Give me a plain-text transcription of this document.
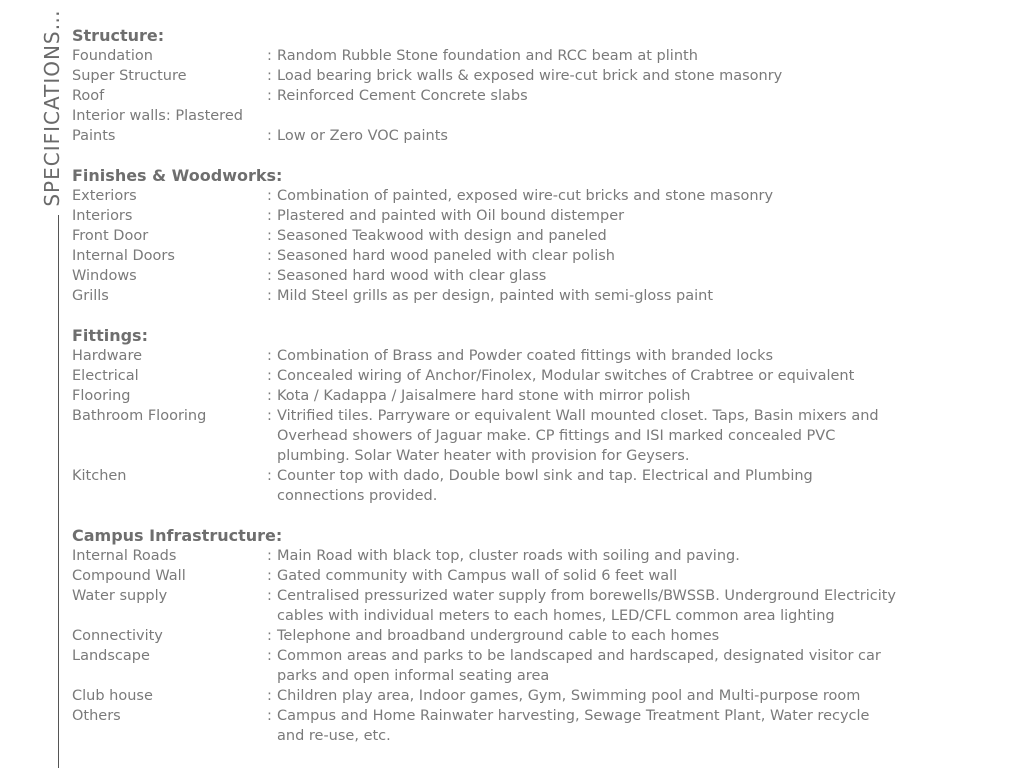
SPECIFICATIONS… Structure:
Foundation	: Random Rubble Stone foundation and RCC beam at plinth
Super Structure	: Load bearing brick walls & exposed wire-cut brick and stone masonry
Roof	: Reinforced Cement Concrete slabs
Interior walls: Plastered
Paints	: Low or Zero VOC paints
Finishes & Woodworks:
Exteriors	: Combination of painted, exposed wire-cut bricks and stone masonry
Interiors	: Plastered and painted with Oil bound distemper
Front Door	: Seasoned Teakwood with design and paneled
Internal Doors	: Seasoned hard wood paneled with clear polish
Windows	: Seasoned hard wood with clear glass
Grills	: Mild Steel grills as per design, painted with semi-gloss paint
Fittings:
Hardware	: Combination of Brass and Powder coated fittings with branded locks
Electrical	: Concealed wiring of Anchor/Finolex, Modular switches of Crabtree or equivalent
Flooring	: Kota / Kadappa / Jaisalmere hard stone with mirror polish
Bathroom Flooring	: Vitrified tiles. Parryware or equivalent Wall mounted closet. Taps, Basin mixers and
Overhead showers of Jaguar make. CP fittings and ISI marked concealed PVC
plumbing. Solar Water heater with provision for Geysers.
Kitchen	: Counter top with dado, Double bowl sink and tap. Electrical and Plumbing
connections provided.
Campus Infrastructure:
Internal Roads	: Main Road with black top, cluster roads with soiling and paving.
Compound Wall	: Gated community with Campus wall of solid 6 feet wall
Water supply	: Centralised pressurized water supply from borewells/BWSSB. Underground Electricity
cables with individual meters to each homes, LED/CFL common area lighting
Connectivity	: Telephone and broadband underground cable to each homes
Landscape	: Common areas and parks to be landscaped and hardscaped, designated visitor car
parks and open informal seating area
Club house	: Children play area, Indoor games, Gym, Swimming pool and Multi-purpose room
Others	: Campus and Home Rainwater harvesting, Sewage Treatment Plant, Water recycle
and re-use, etc.
